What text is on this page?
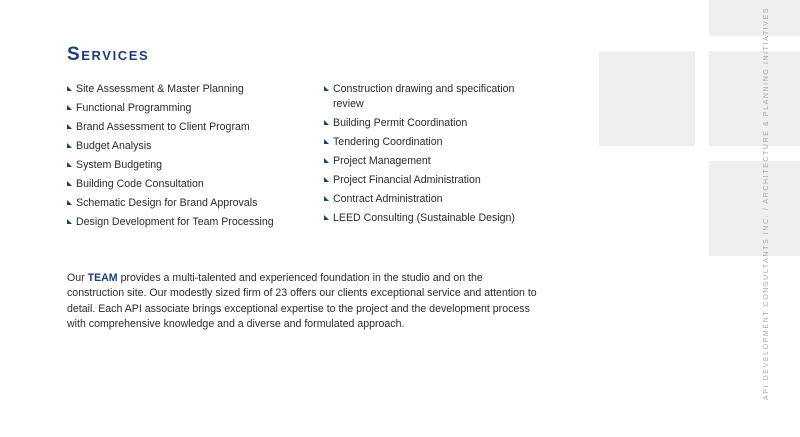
Services
Site Assessment & Master Planning
Functional Programming
Brand Assessment to Client Program
Budget Analysis
System Budgeting
Building Code Consultation
Schematic Design for Brand Approvals
Design Development for Team Processing
Construction drawing and specification review
Building Permit Coordination
Tendering Coordination
Project Management
Project Financial Administration
Contract Administration
LEED Consulting (Sustainable Design)

Our TEAM provides a multi-talented and experienced foundation in the studio and on the construction site. Our modestly sized firm of 23 offers our clients exceptional service and attention to detail. Each API associate brings exceptional expertise to the project and the development process with comprehensive knowledge and a diverse and formulated approach.	API DEVELOPMENT CONSULTANTS INC. / ARCHITECTURE & PLANNING INITIATIVES
